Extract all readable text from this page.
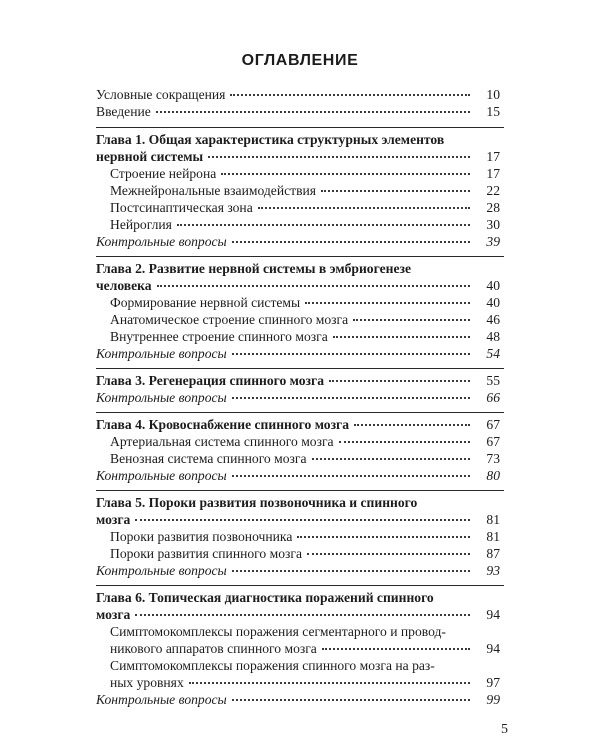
ОГЛАВЛЕНИЕ
Условные сокращения	10
Введение	15
Глава 1. Общая характеристика структурных элементов
нервной системы	17
Строение нейрона	17
Межнейрональные взаимодействия	22
Постсинаптическая зона	28
Нейроглия	30
Контрольные вопросы	39
Глава 2. Развитие нервной системы в эмбриогенезе
человека	40
Формирование нервной системы	40
Анатомическое строение спинного мозга	46
Внутреннее строение спинного мозга	48
Контрольные вопросы	54
Глава 3. Регенерация спинного мозга	55
Контрольные вопросы	66
Глава 4. Кровоснабжение спинного мозга	67
Артериальная система спинного мозга	67
Венозная система спинного мозга	73
Контрольные вопросы	80
Глава 5. Пороки развития позвоночника и спинного
мозга	81
Пороки развития позвоночника	81
Пороки развития спинного мозга	87
Контрольные вопросы	93
Глава 6. Топическая диагностика поражений спинного
мозга	94
Симптомокомплексы поражения сегментарного и провод-
никового аппаратов спинного мозга	94
Симптомокомплексы поражения спинного мозга на раз-
ных уровнях	97
Контрольные вопросы	99
5
